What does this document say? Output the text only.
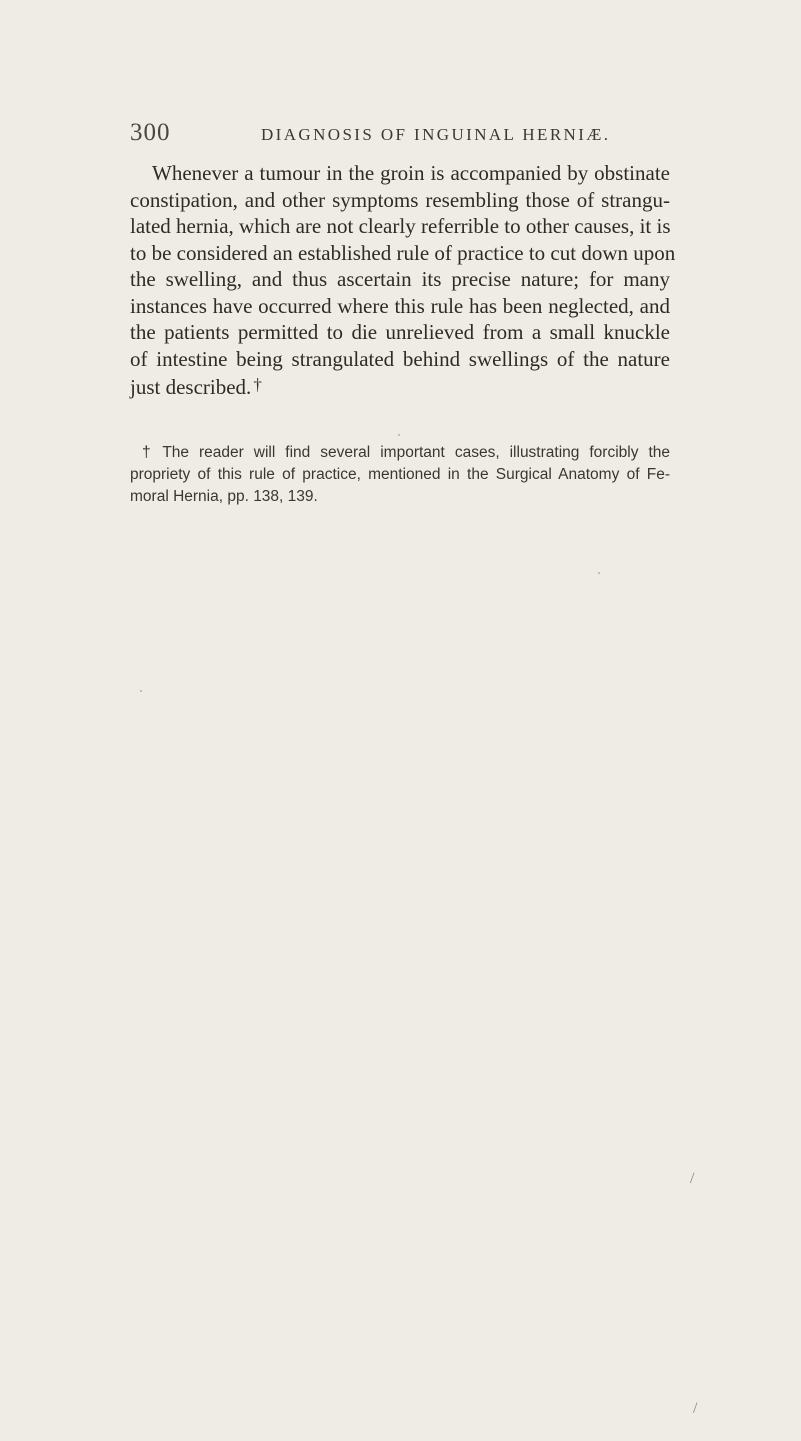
300	DIAGNOSIS OF INGUINAL HERNIÆ.

Whenever a tumour in the groin is accompanied by obstinate
constipation, and other symptoms resembling those of strangu-
lated hernia, which are not clearly referrible to other causes, it is
to be considered an established rule of practice to cut down upon
the swelling, and thus ascertain its precise nature; for many
instances have occurred where this rule has been neglected, and
the patients permitted to die unrelieved from a small knuckle
of intestine being strangulated behind swellings of the nature
just described. †

† The reader will find several important cases, illustrating forcibly the
propriety of this rule of practice, mentioned in the Surgical Anatomy of Fe-
moral Hernia, pp. 138, 139.

/
/
